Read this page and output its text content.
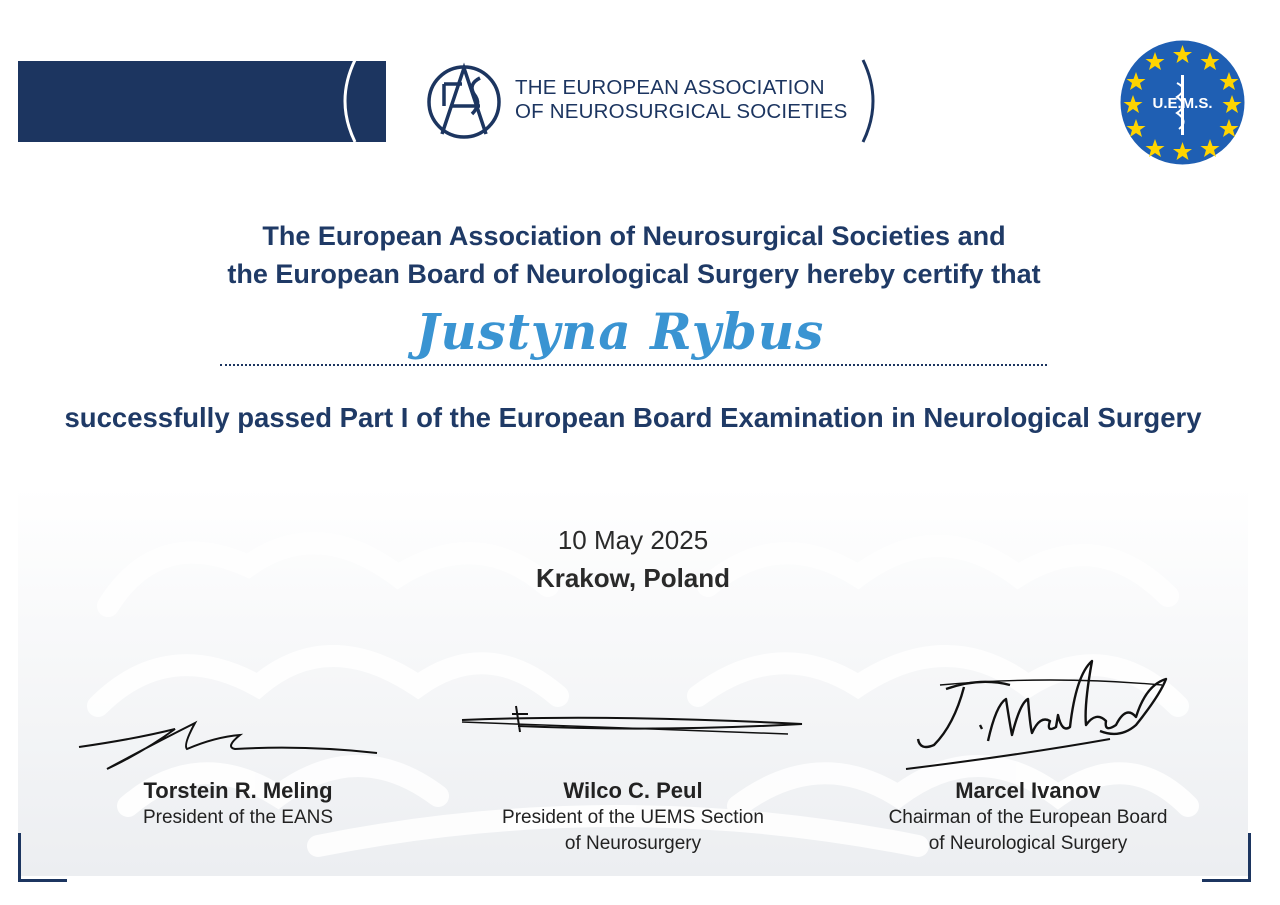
THE EUROPEAN ASSOCIATION
OF NEUROSURGICAL SOCIETIES	U.E.M.S.
The European Association of Neurosurgical Societies and
the European Board of Neurological Surgery hereby certify that
Justyna Rybus
successfully passed Part I of the European Board Examination in Neurological Surgery
10 May 2025
Krakow, Poland
Torstein R. Meling
President of the EANS
Wilco C. Peul
President of the UEMS Section
of Neurosurgery
Marcel Ivanov
Chairman of the European Board
of Neurological Surgery
